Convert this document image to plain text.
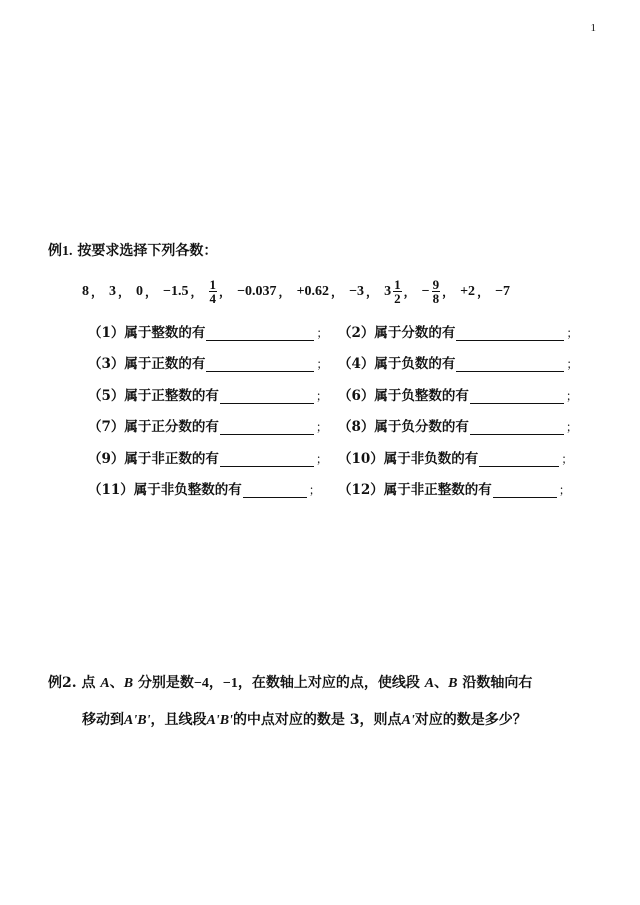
1
例1. 按要求选择下列各数：
8 ， 3 ， 0 ， −1.5 ， $\frac{1}{4}$ ， −0.037 ， +0.62 ， −3 ， $3 \frac{1}{2}$ ， − $\frac{9}{8}$ ， +2 ， −7
（1）属于整数的有	； （2）属于分数的有	；
（3）属于正数的有	； （4）属于负数的有	；
（5）属于正整数的有	； （6）属于负整数的有	；
（7）属于正分数的有	； （8）属于负分数的有	；
（9）属于非正数的有	； （10）属于非负数的有	；
（11）属于非负整数的有	； （12）属于非正整数的有	；
例2. 点 A、B 分别是数−4，−1，在数轴上对应的点，使线段 A、B 沿数轴向右
移动到A'B'，且线段A'B'的中点对应的数是 3，则点A'对应的数是多少？
